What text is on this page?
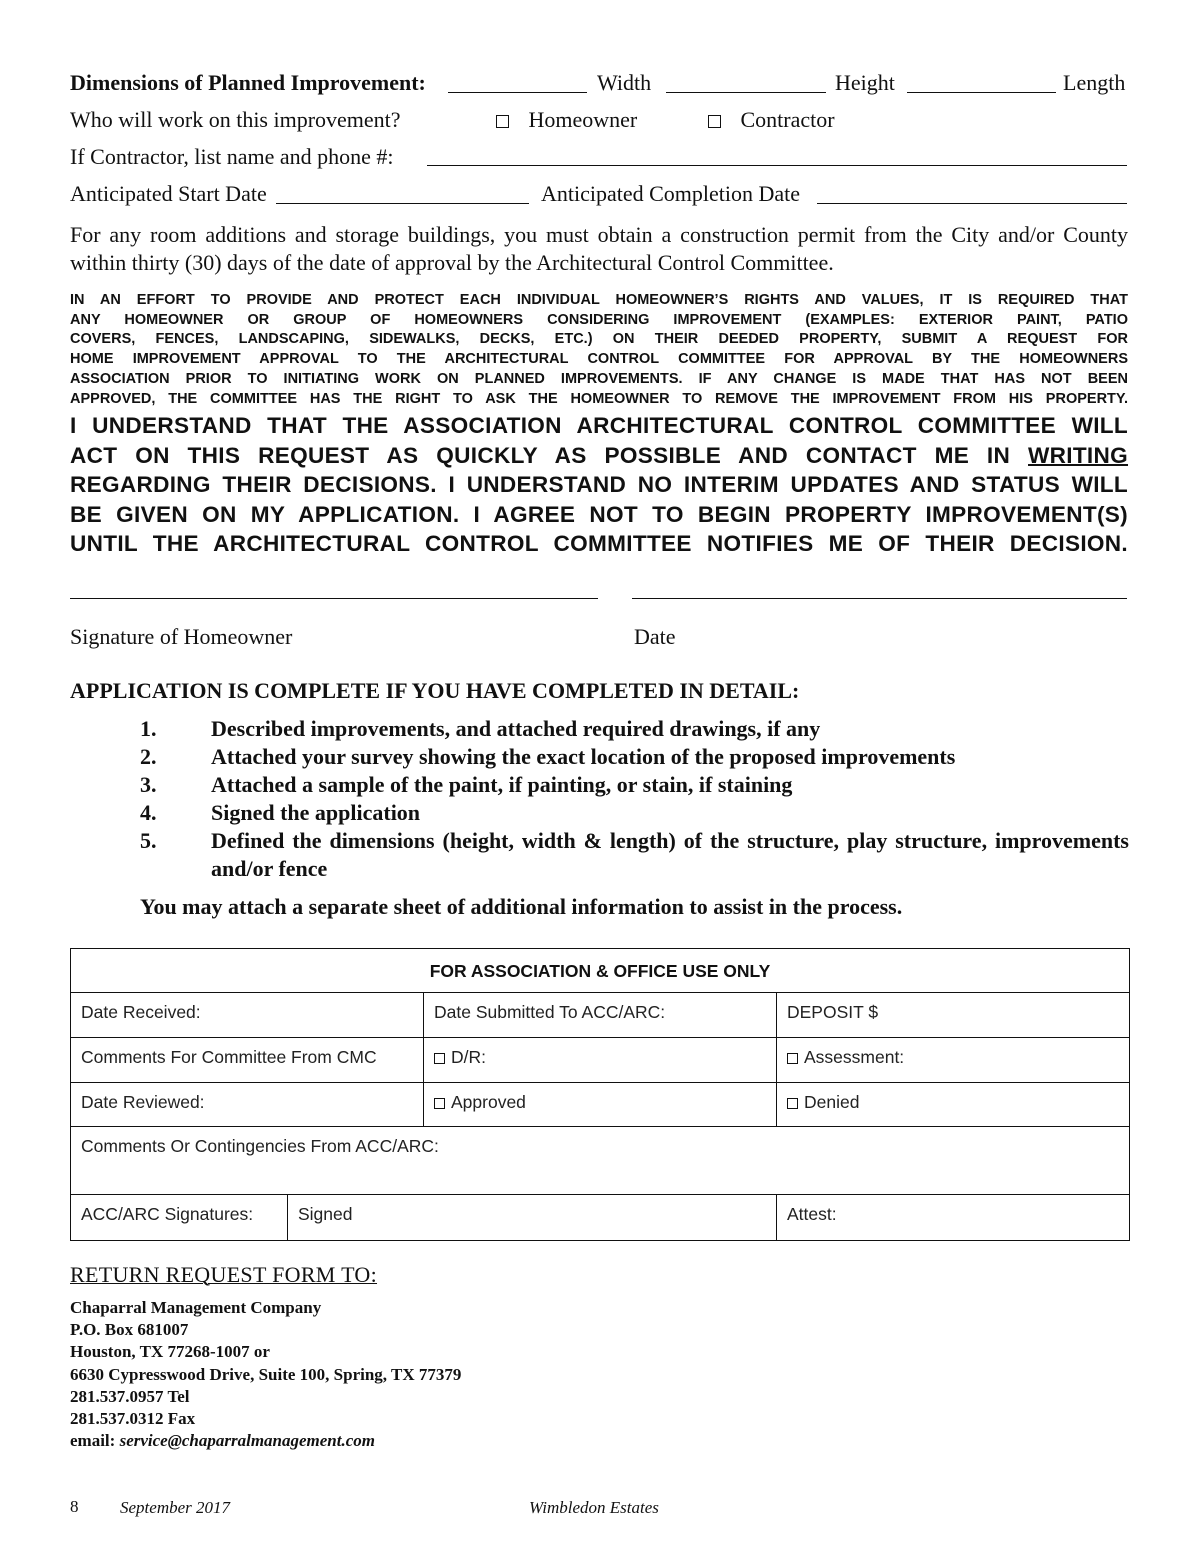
Dimensions of Planned Improvement:	Width	Height	Length
Who will work on this improvement?	Homeowner	Contractor
If Contractor, list name and phone #:
Anticipated Start Date	Anticipated Completion Date
For any room additions and storage buildings, you must obtain a construction permit from the City and/or County within thirty (30) days of the date of approval by the Architectural Control Committee.
IN AN EFFORT TO PROVIDE AND PROTECT EACH INDIVIDUAL HOMEOWNER’S RIGHTS AND VALUES, IT IS REQUIRED THAT
ANY HOMEOWNER OR GROUP OF HOMEOWNERS CONSIDERING IMPROVEMENT (EXAMPLES: EXTERIOR PAINT, PATIO
COVERS, FENCES, LANDSCAPING, SIDEWALKS, DECKS, ETC.) ON THEIR DEEDED PROPERTY, SUBMIT A REQUEST FOR
HOME IMPROVEMENT APPROVAL TO THE ARCHITECTURAL CONTROL COMMITTEE FOR APPROVAL BY THE HOMEOWNERS
ASSOCIATION PRIOR TO INITIATING WORK ON PLANNED IMPROVEMENTS. IF ANY CHANGE IS MADE THAT HAS NOT BEEN
APPROVED, THE COMMITTEE HAS THE RIGHT TO ASK THE HOMEOWNER TO REMOVE THE IMPROVEMENT FROM HIS PROPERTY.
I UNDERSTAND THAT THE ASSOCIATION ARCHITECTURAL CONTROL COMMITTEE WILL
ACT ON THIS REQUEST AS QUICKLY AS POSSIBLE AND CONTACT ME IN WRITING
REGARDING THEIR DECISIONS. I UNDERSTAND NO INTERIM UPDATES AND STATUS WILL
BE GIVEN ON MY APPLICATION. I AGREE NOT TO BEGIN PROPERTY IMPROVEMENT(S)
UNTIL THE ARCHITECTURAL CONTROL COMMITTEE NOTIFIES ME OF THEIR DECISION.
Signature of Homeowner	Date
APPLICATION IS COMPLETE IF YOU HAVE COMPLETED IN DETAIL:
1.	Described improvements, and attached required drawings, if any
2.	Attached your survey showing the exact location of the proposed improvements
3.	Attached a sample of the paint, if painting, or stain, if staining
4.	Signed the application
5.	Defined the dimensions (height, width & length) of the structure, play structure, improvements and/or fence
You may attach a separate sheet of additional information to assist in the process.
FOR ASSOCIATION & OFFICE USE ONLY			
Date Received:		Date Submitted To ACC/ARC:	DEPOSIT $
Comments For Committee From CMC		D/R:	Assessment:
Date Reviewed:		Approved	Denied
Comments Or Contingencies From ACC/ARC:			
ACC/ARC Signatures:	Signed		Attest:
RETURN REQUEST FORM TO:
Chaparral Management Company
P.O. Box 681007
Houston, TX 77268-1007 or
6630 Cypresswood Drive, Suite 100, Spring, TX 77379
281.537.0957 Tel
281.537.0312 Fax
email: service@chaparralmanagement.com
8 September 2017	Wimbledon Estates
